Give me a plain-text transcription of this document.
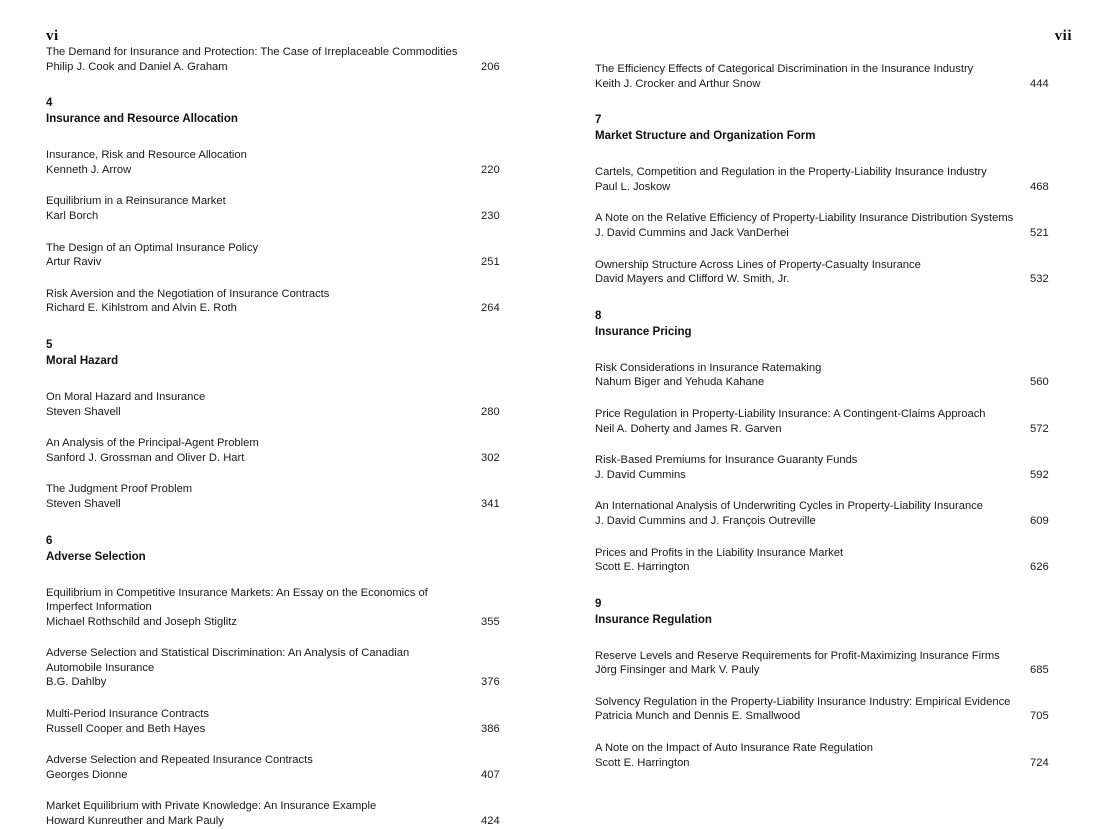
vi
The Demand for Insurance and Protection: The Case of Irreplaceable Commodities
Philip J. Cook and Daniel A. Graham	206
4
Insurance and Resource Allocation
Insurance, Risk and Resource Allocation
Kenneth J. Arrow	220
Equilibrium in a Reinsurance Market
Karl Borch	230
The Design of an Optimal Insurance Policy
Artur Raviv	251
Risk Aversion and the Negotiation of Insurance Contracts
Richard E. Kihlstrom and Alvin E. Roth	264
5
Moral Hazard
On Moral Hazard and Insurance
Steven Shavell	280
An Analysis of the Principal-Agent Problem
Sanford J. Grossman and Oliver D. Hart	302
The Judgment Proof Problem
Steven Shavell	341
6
Adverse Selection
Equilibrium in Competitive Insurance Markets: An Essay on the Economics of Imperfect Information
Michael Rothschild and Joseph Stiglitz	355
Adverse Selection and Statistical Discrimination: An Analysis of Canadian Automobile Insurance
B.G. Dahlby	376
Multi-Period Insurance Contracts
Russell Cooper and Beth Hayes	386
Adverse Selection and Repeated Insurance Contracts
Georges Dionne	407
Market Equilibrium with Private Knowledge: An Insurance Example
Howard Kunreuther and Mark Pauly	424
vii
The Efficiency Effects of Categorical Discrimination in the Insurance Industry
Keith J. Crocker and Arthur Snow	444
7
Market Structure and Organization Form
Cartels, Competition and Regulation in the Property-Liability Insurance Industry
Paul L. Joskow	468
A Note on the Relative Efficiency of Property-Liability Insurance Distribution Systems
J. David Cummins and Jack VanDerhei	521
Ownership Structure Across Lines of Property-Casualty Insurance
David Mayers and Clifford W. Smith, Jr.	532
8
Insurance Pricing
Risk Considerations in Insurance Ratemaking
Nahum Biger and Yehuda Kahane	560
Price Regulation in Property-Liability Insurance: A Contingent-Claims Approach
Neil A. Doherty and James R. Garven	572
Risk-Based Premiums for Insurance Guaranty Funds
J. David Cummins	592
An International Analysis of Underwriting Cycles in Property-Liability Insurance
J. David Cummins and J. François Outreville	609
Prices and Profits in the Liability Insurance Market
Scott E. Harrington	626
9
Insurance Regulation
Reserve Levels and Reserve Requirements for Profit-Maximizing Insurance Firms
Jörg Finsinger and Mark V. Pauly	685
Solvency Regulation in the Property-Liability Insurance Industry: Empirical Evidence
Patricia Munch and Dennis E. Smallwood	705
A Note on the Impact of Auto Insurance Rate Regulation
Scott E. Harrington	724
